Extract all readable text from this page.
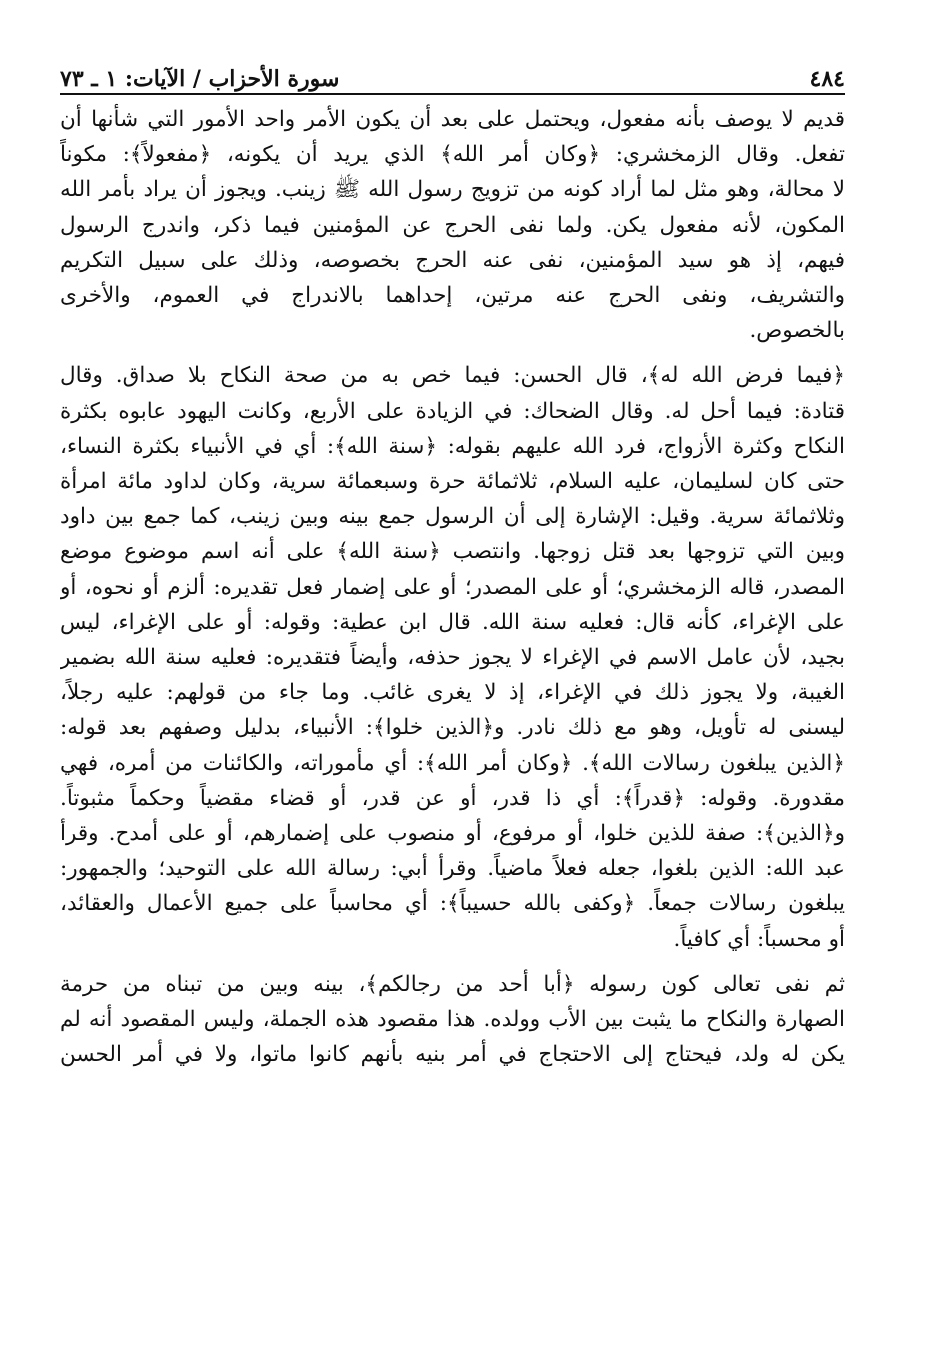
٤٨٤
سورة الأحزاب / الآيات: ١ ـ ٧٣
قديم لا يوصف بأنه مفعول، ويحتمل على بعد أن يكون الأمر واحد الأمور التي شأنها أن
تفعل. وقال الزمخشري: ﴿وكان أمر الله﴾ الذي يريد أن يكونه، ﴿مفعولاً﴾: مكوناً
لا محالة، وهو مثل لما أراد كونه من تزويج رسول الله ﷺ زينب. ويجوز أن يراد بأمر الله
المكون، لأنه مفعول يكن. ولما نفى الحرج عن المؤمنين فيما ذكر، واندرج الرسول
فيهم، إذ هو سيد المؤمنين، نفى عنه الحرج بخصوصه، وذلك على سبيل التكريم
والتشريف، ونفى الحرج عنه مرتين، إحداهما بالاندراج في العموم، والأخرى
بالخصوص.
﴿فيما فرض الله له﴾، قال الحسن: فيما خص به من صحة النكاح بلا صداق. وقال
قتادة: فيما أحل له. وقال الضحاك: في الزيادة على الأربع، وكانت اليهود عابوه بكثرة
النكاح وكثرة الأزواج، فرد الله عليهم بقوله: ﴿سنة الله﴾: أي في الأنبياء بكثرة النساء،
حتى كان لسليمان، عليه السلام، ثلاثمائة حرة وسبعمائة سرية، وكان لداود مائة امرأة
وثلاثمائة سرية. وقيل: الإشارة إلى أن الرسول جمع بينه وبين زينب، كما جمع بين داود
وبين التي تزوجها بعد قتل زوجها. وانتصب ﴿سنة الله﴾ على أنه اسم موضوع موضع
المصدر، قاله الزمخشري؛ أو على المصدر؛ أو على إضمار فعل تقديره: ألزم أو نحوه، أو
على الإغراء، كأنه قال: فعليه سنة الله. قال ابن عطية: وقوله: أو على الإغراء، ليس
بجيد، لأن عامل الاسم في الإغراء لا يجوز حذفه، وأيضاً فتقديره: فعليه سنة الله بضمير
الغيبة، ولا يجوز ذلك في الإغراء، إذ لا يغرى غائب. وما جاء من قولهم: عليه رجلاً،
ليسنى له تأويل، وهو مع ذلك نادر. و﴿الذين خلوا﴾: الأنبياء، بدليل وصفهم بعد قوله:
﴿الذين يبلغون رسالات الله﴾. ﴿وكان أمر الله﴾: أي مأموراته، والكائنات من أمره، فهي
مقدورة. وقوله: ﴿قدراً﴾: أي ذا قدر، أو عن قدر، أو قضاء مقضياً وحكماً مثبوتاً.
و﴿الذين﴾: صفة للذين خلوا، أو مرفوع، أو منصوب على إضمارهم، أو على أمدح. وقرأ
عبد الله: الذين بلغوا، جعله فعلاً ماضياً. وقرأ أبي: رسالة الله على التوحيد؛ والجمهور:
يبلغون رسالات جمعاً. ﴿وكفى بالله حسيباً﴾: أي محاسباً على جميع الأعمال والعقائد،
أو محسباً: أي كافياً.
ثم نفى تعالى كون رسوله ﴿أبا أحد من رجالكم﴾، بينه وبين من تبناه من حرمة
الصهارة والنكاح ما يثبت بين الأب وولده. هذا مقصود هذه الجملة، وليس المقصود أنه لم
يكن له ولد، فيحتاج إلى الاحتجاج في أمر بنيه بأنهم كانوا ماتوا، ولا في أمر الحسن
